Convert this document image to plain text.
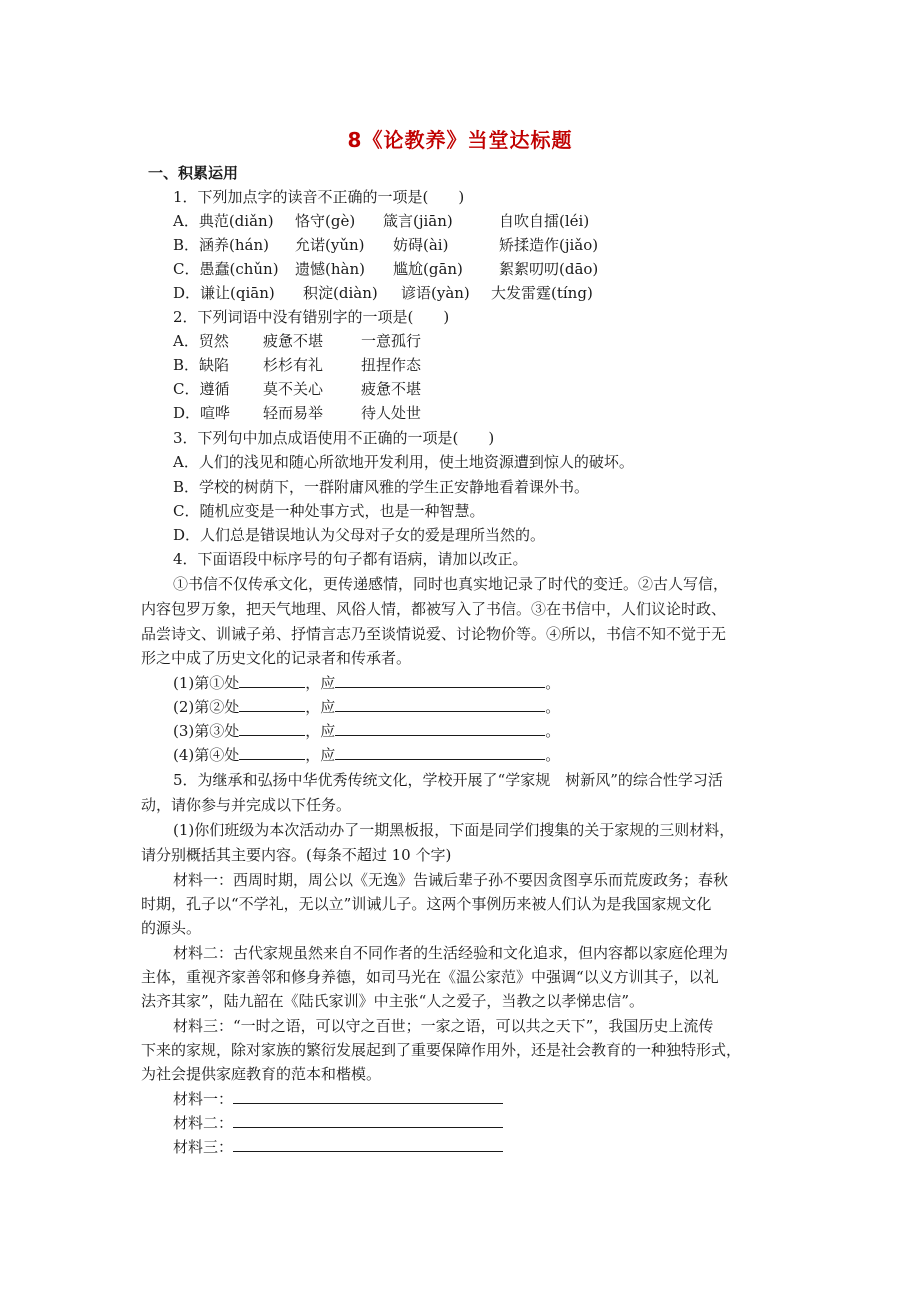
8《论教养》当堂达标题
一、积累运用
1．下列加点字的读音不正确的一项是(　　)
A．典范(diǎn) 恪守(gè) 箴言(jiān)	自吹自擂(léi)
B．涵养(hán) 允诺(yǔn) 妨碍(ài)	矫揉造作(jiǎo)
C．愚蠢(chǔn) 遗憾(hàn) 尴尬(gān) 絮絮叨叨(dāo)
D．谦让(qiān) 积淀(diàn) 谚语(yàn) 大发雷霆(tíng)
2．下列词语中没有错别字的一项是(　　)
A．贸然 疲惫不堪	一意孤行
B．缺陷 杉杉有礼	扭捏作态
C．遵循 莫不关心	疲惫不堪
D．喧哗 轻而易举	待人处世
3．下列句中加点成语使用不正确的一项是(　　)
A．人们的浅见和随心所欲地开发利用，使土地资源遭到惊人的破坏。
B．学校的树荫下，一群附庸风雅的学生正安静地看着课外书。
C．随机应变是一种处事方式，也是一种智慧。
D．人们总是错误地认为父母对子女的爱是理所当然的。
4．下面语段中标序号的句子都有语病，请加以改正。
①书信不仅传承文化，更传递感情，同时也真实地记录了时代的变迁。②古人写信，
内容包罗万象，把天气地理、风俗人情，都被写入了书信。③在书信中，人们议论时政、
品尝诗文、训诫子弟、抒情言志乃至谈情说爱、讨论物价等。④所以，书信不知不觉于无
形之中成了历史文化的记录者和传承者。
(1)第①处	，应	。
(2)第②处	，应	。
(3)第③处	，应	。
(4)第④处	，应	。
5．为继承和弘扬中华优秀传统文化，学校开展了“学家规　树新风”的综合性学习活
动，请你参与并完成以下任务。
(1)你们班级为本次活动办了一期黑板报，下面是同学们搜集的关于家规的三则材料，
请分别概括其主要内容。(每条不超过 10 个字)
材料一：西周时期，周公以《无逸》告诫后辈子孙不要因贪图享乐而荒废政务；春秋
时期，孔子以“不学礼，无以立”训诫儿子。这两个事例历来被人们认为是我国家规文化
的源头。
材料二：古代家规虽然来自不同作者的生活经验和文化追求，但内容都以家庭伦理为
主体，重视齐家善邻和修身养德，如司马光在《温公家范》中强调“以义方训其子，以礼
法齐其家”，陆九韶在《陆氏家训》中主张“人之爱子，当教之以孝悌忠信”。
材料三：“一时之语，可以守之百世；一家之语，可以共之天下”，我国历史上流传
下来的家规，除对家族的繁衍发展起到了重要保障作用外，还是社会教育的一种独特形式，
为社会提供家庭教育的范本和楷模。
材料一：
材料二：
材料三：
